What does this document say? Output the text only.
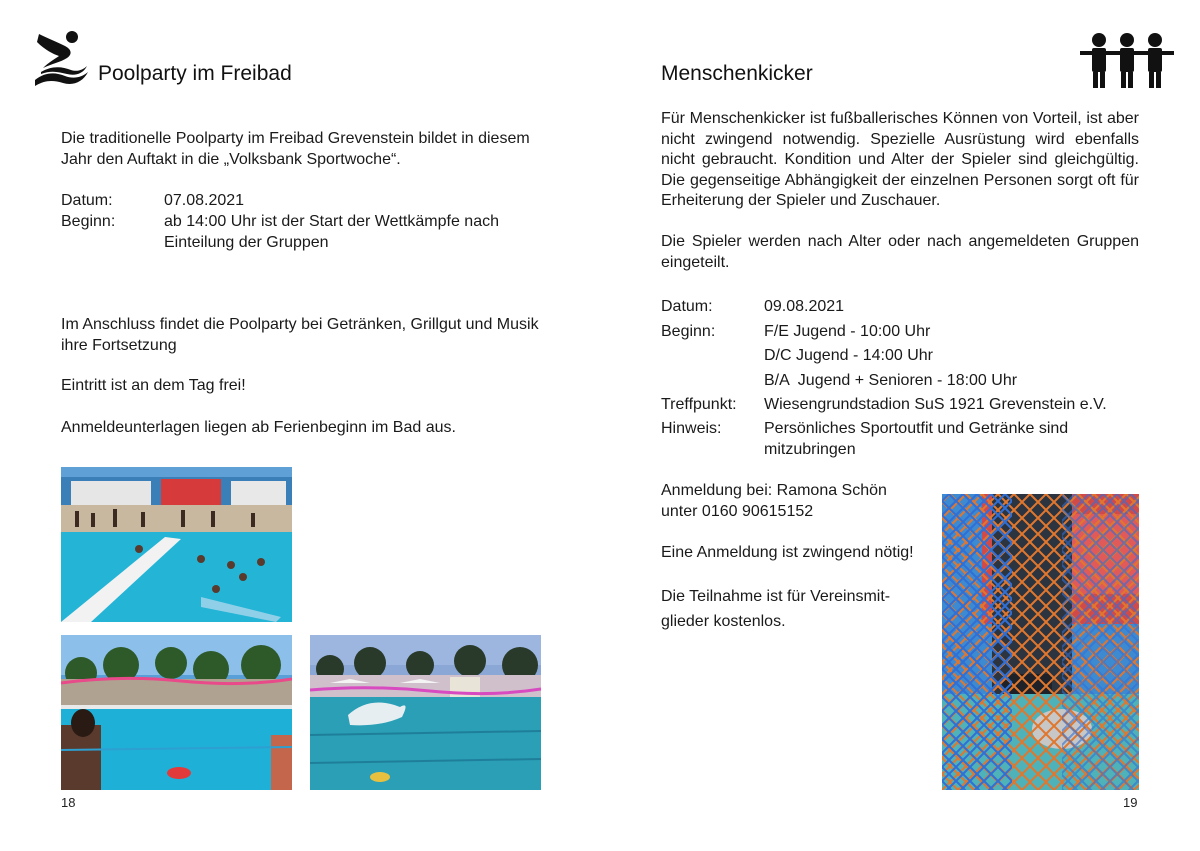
Poolparty im Freibad
Die traditionelle Poolparty im Freibad Grevenstein bildet in diesem Jahr den Auftakt in die „Volksbank Sportwoche“.
Datum:	07.08.2021
Beginn:	ab 14:00 Uhr ist der Start der Wettkämpfe nach Einteilung der Gruppen
Im Anschluss findet die Poolparty bei Getränken, Grillgut und Musik ihre Fortsetzung
Eintritt ist an dem Tag frei!
Anmeldeunterlagen liegen ab Ferienbeginn im Bad aus.
18
Menschenkicker
Für Menschenkicker ist fußballerisches Können von Vorteil, ist aber nicht zwingend notwendig. Spezielle Ausrüstung wird ebenfalls nicht gebraucht. Kondition und Alter der Spieler sind gleichgültig. Die gegenseitige Abhängigkeit der einzelnen Personen sorgt oft für Erheiterung der Spieler und Zuschauer.
Die Spieler werden nach Alter oder nach angemeldeten Gruppen eingeteilt.
Datum:	09.08.2021
Beginn:	F/E Jugend - 10:00 Uhr
D/C Jugend - 14:00 Uhr
B/A  Jugend + Senioren - 18:00 Uhr
Treffpunkt: Wiesengrundstadion SuS 1921 Grevenstein e.V.
Hinweis:	Persönliches Sportoutfit und Getränke sind mitzubringen
Anmeldung bei: Ramona Schön
unter 0160 90615152
Eine Anmeldung ist zwingend nötig!
Die Teilnahme ist für Vereinsmit-
glieder kostenlos.
19
